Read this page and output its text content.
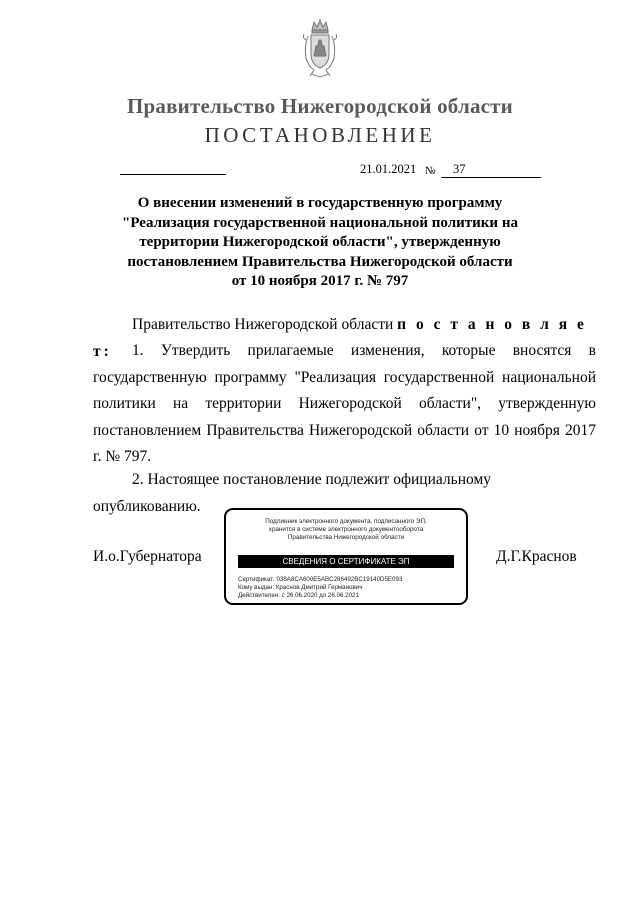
Правительство Нижегородской области
ПОСТАНОВЛЕНИЕ
21.01.2021 №	37
О внесении изменений в государственную программу
"Реализация государственной национальной политики на
территории Нижегородской области", утвержденную
постановлением Правительства Нижегородской области
от 10 ноября 2017 г. № 797
Правительство Нижегородской области п о с т а н о в л я е т:	1. Утвердить прилагаемые изменения, которые вносятся в государственную программу "Реализация государственной национальной политики на территории Нижегородской области", утвержденную постановлением Правительства Нижегородской области от 10 ноября 2017 г. № 797.
2. Настоящее постановление подлежит официальному опубликованию.
И.о.Губернатора	Д.Г.Краснов
Подлинник электронного документа, подписанного ЭП,
хранится в системе электронного документооборота
Правительства Нижегородской области
СВЕДЕНИЯ О СЕРТИФИКАТЕ ЭП
Сертификат: 038A8CA600E5ABC286492BC19140D5E093
Кому выдан: Краснов Дмитрий Германович
Действителен: с 26.06.2020 до 26.06.2021
